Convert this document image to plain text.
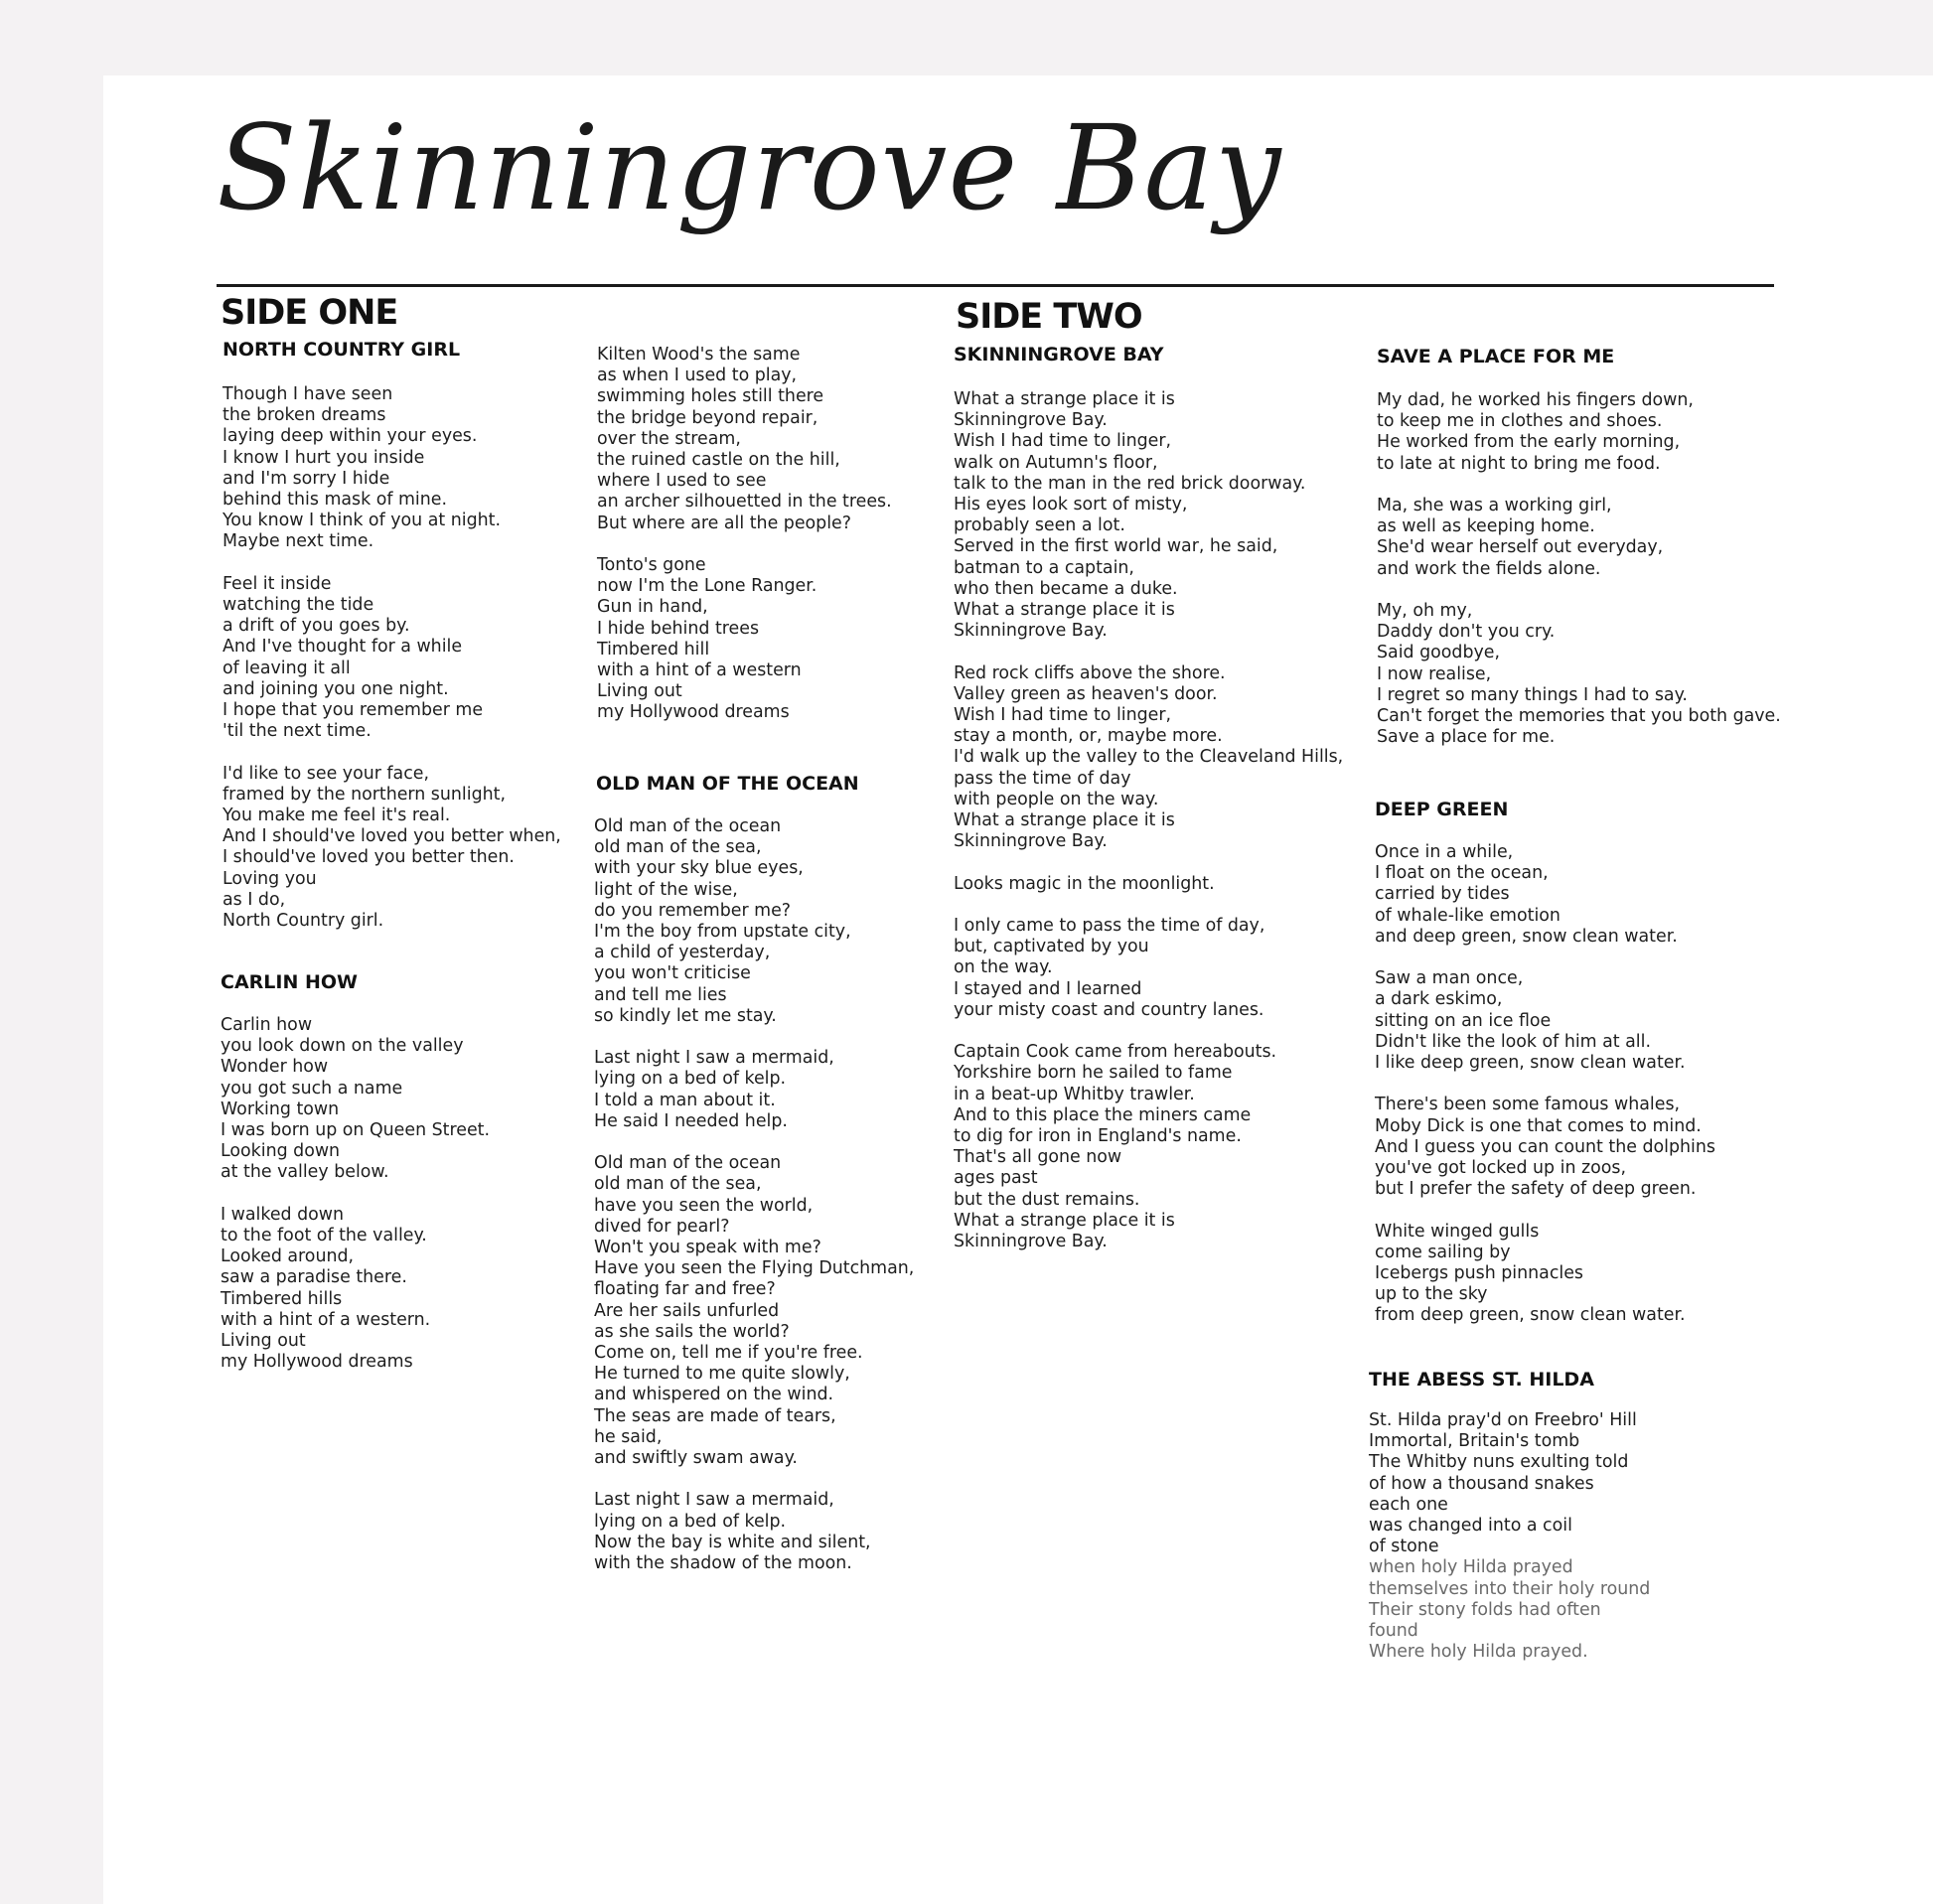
Skinningrove Bay
SIDE ONE
NORTH COUNTRY GIRL
Though I have seen
the broken dreams
laying deep within your eyes.
I know I hurt you inside
and I'm sorry I hide
behind this mask of mine.
You know I think of you at night.
Maybe next time.
Feel it inside
watching the tide
a drift of you goes by.
And I've thought for a while
of leaving it all
and joining you one night.
I hope that you remember me
'til the next time.
I'd like to see your face,
framed by the northern sunlight,
You make me feel it's real.
And I should've loved you better when,
I should've loved you better then.
Loving you
as I do,
North Country girl.
CARLIN HOW
Carlin how
you look down on the valley
Wonder how
you got such a name
Working town
I was born up on Queen Street.
Looking down
at the valley below.
I walked down
to the foot of the valley.
Looked around,
saw a paradise there.
Timbered hills
with a hint of a western.
Living out
my Hollywood dreams
Kilten Wood's the same
as when I used to play,
swimming holes still there
the bridge beyond repair,
over the stream,
the ruined castle on the hill,
where I used to see
an archer silhouetted in the trees.
But where are all the people?
Tonto's gone
now I'm the Lone Ranger.
Gun in hand,
I hide behind trees
Timbered hill
with a hint of a western
Living out
my Hollywood dreams
OLD MAN OF THE OCEAN
Old man of the ocean
old man of the sea,
with your sky blue eyes,
light of the wise,
do you remember me?
I'm the boy from upstate city,
a child of yesterday,
you won't criticise
and tell me lies
so kindly let me stay.
Last night I saw a mermaid,
lying on a bed of kelp.
I told a man about it.
He said I needed help.
Old man of the ocean
old man of the sea,
have you seen the world,
dived for pearl?
Won't you speak with me?
Have you seen the Flying Dutchman,
floating far and free?
Are her sails unfurled
as she sails the world?
Come on, tell me if you're free.
He turned to me quite slowly,
and whispered on the wind.
The seas are made of tears,
he said,
and swiftly swam away.
Last night I saw a mermaid,
lying on a bed of kelp.
Now the bay is white and silent,
with the shadow of the moon.
SIDE TWO
SKINNINGROVE BAY
What a strange place it is
Skinningrove Bay.
Wish I had time to linger,
walk on Autumn's floor,
talk to the man in the red brick doorway.
His eyes look sort of misty,
probably seen a lot.
Served in the first world war, he said,
batman to a captain,
who then became a duke.
What a strange place it is
Skinningrove Bay.
Red rock cliffs above the shore.
Valley green as heaven's door.
Wish I had time to linger,
stay a month, or, maybe more.
I'd walk up the valley to the Cleaveland Hills,
pass the time of day
with people on the way.
What a strange place it is
Skinningrove Bay.
Looks magic in the moonlight.
I only came to pass the time of day,
but, captivated by you
on the way.
I stayed and I learned
your misty coast and country lanes.
Captain Cook came from hereabouts.
Yorkshire born he sailed to fame
in a beat-up Whitby trawler.
And to this place the miners came
to dig for iron in England's name.
That's all gone now
ages past
but the dust remains.
What a strange place it is
Skinningrove Bay.
SAVE A PLACE FOR ME
My dad, he worked his fingers down,
to keep me in clothes and shoes.
He worked from the early morning,
to late at night to bring me food.
Ma, she was a working girl,
as well as keeping home.
She'd wear herself out everyday,
and work the fields alone.
My, oh my,
Daddy don't you cry.
Said goodbye,
I now realise,
I regret so many things I had to say.
Can't forget the memories that you both gave.
Save a place for me.
DEEP GREEN
Once in a while,
I float on the ocean,
carried by tides
of whale-like emotion
and deep green, snow clean water.
Saw a man once,
a dark eskimo,
sitting on an ice floe
Didn't like the look of him at all.
I like deep green, snow clean water.
There's been some famous whales,
Moby Dick is one that comes to mind.
And I guess you can count the dolphins
you've got locked up in zoos,
but I prefer the safety of deep green.
White winged gulls
come sailing by
Icebergs push pinnacles
up to the sky
from deep green, snow clean water.
THE ABESS ST. HILDA
St. Hilda pray'd on Freebro' Hill
Immortal, Britain's tomb
The Whitby nuns exulting told
of how a thousand snakes
each one
was changed into a coil
of stone
when holy Hilda prayed
themselves into their holy round
Their stony folds had often
found
Where holy Hilda prayed.
